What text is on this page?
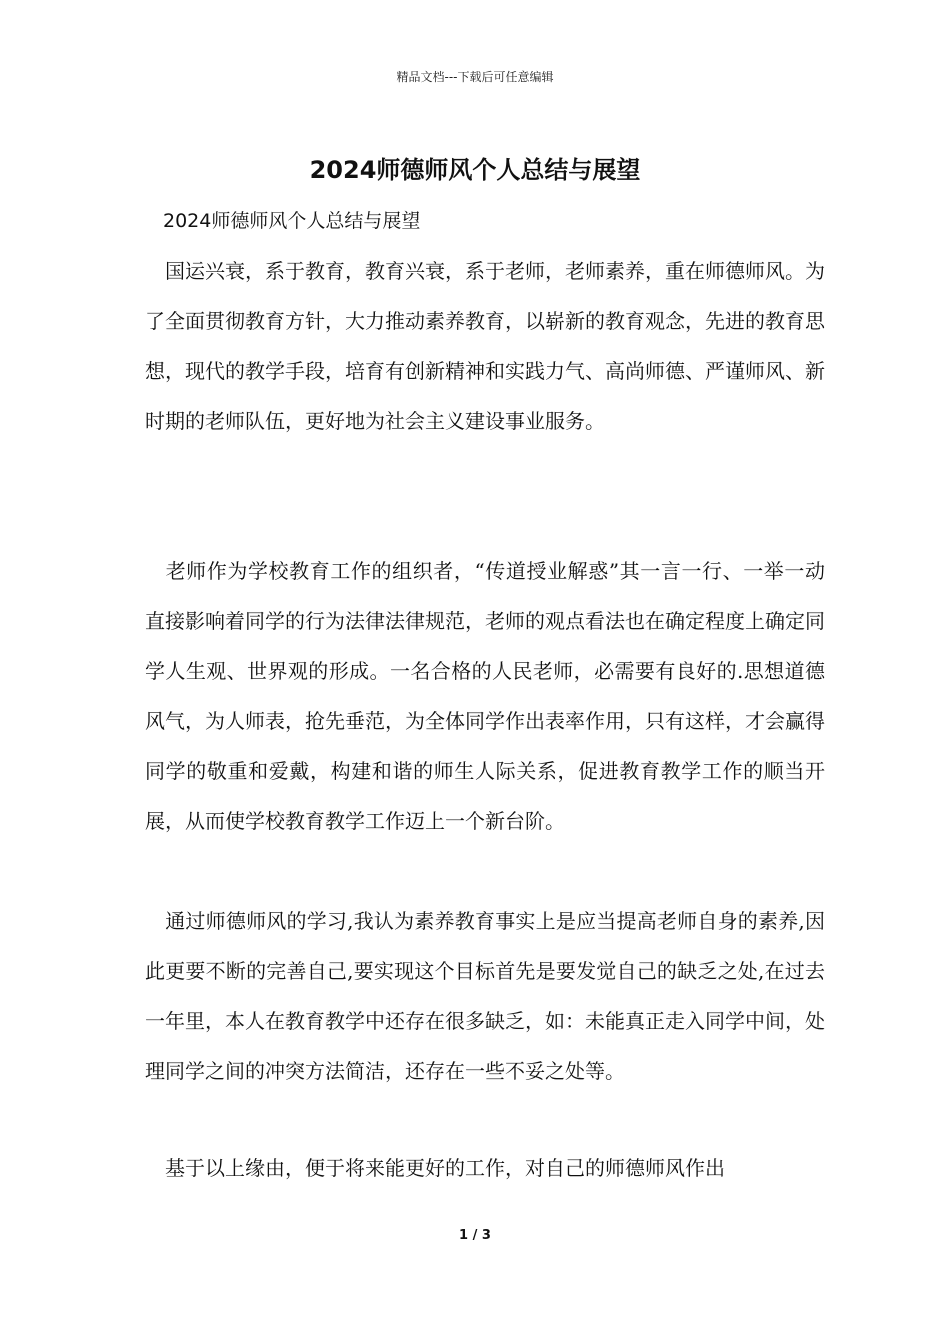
精品文档---下载后可任意编辑
2024师德师风个人总结与展望
2024师德师风个人总结与展望

　国运兴衰，系于教育，教育兴衰，系于老师，老师素养，重在师德师风。为了全面贯彻教育方针，大力推动素养教育，以崭新的教育观念，先进的教育思想，现代的教学手段，培育有创新精神和实践力气、高尚师德、严谨师风、新时期的老师队伍，更好地为社会主义建设事业服务。

　老师作为学校教育工作的组织者，“传道授业解惑”其一言一行、一举一动直接影响着同学的行为法律法律规范，老师的观点看法也在确定程度上确定同学人生观、世界观的形成。一名合格的人民老师，必需要有良好的.思想道德风气，为人师表，抢先垂范，为全体同学作出表率作用，只有这样，才会赢得同学的敬重和爱戴，构建和谐的师生人际关系，促进教育教学工作的顺当开展，从而使学校教育教学工作迈上一个新台阶。

　通过师德师风的学习,我认为素养教育事实上是应当提高老师自身的素养,因此更要不断的完善自己,要实现这个目标首先是要发觉自己的缺乏之处,在过去一年里，本人在教育教学中还存在很多缺乏，如：未能真正走入同学中间，处理同学之间的冲突方法简洁，还存在一些不妥之处等。

　基于以上缘由，便于将来能更好的工作，对自己的师德师风作出

1 / 3
